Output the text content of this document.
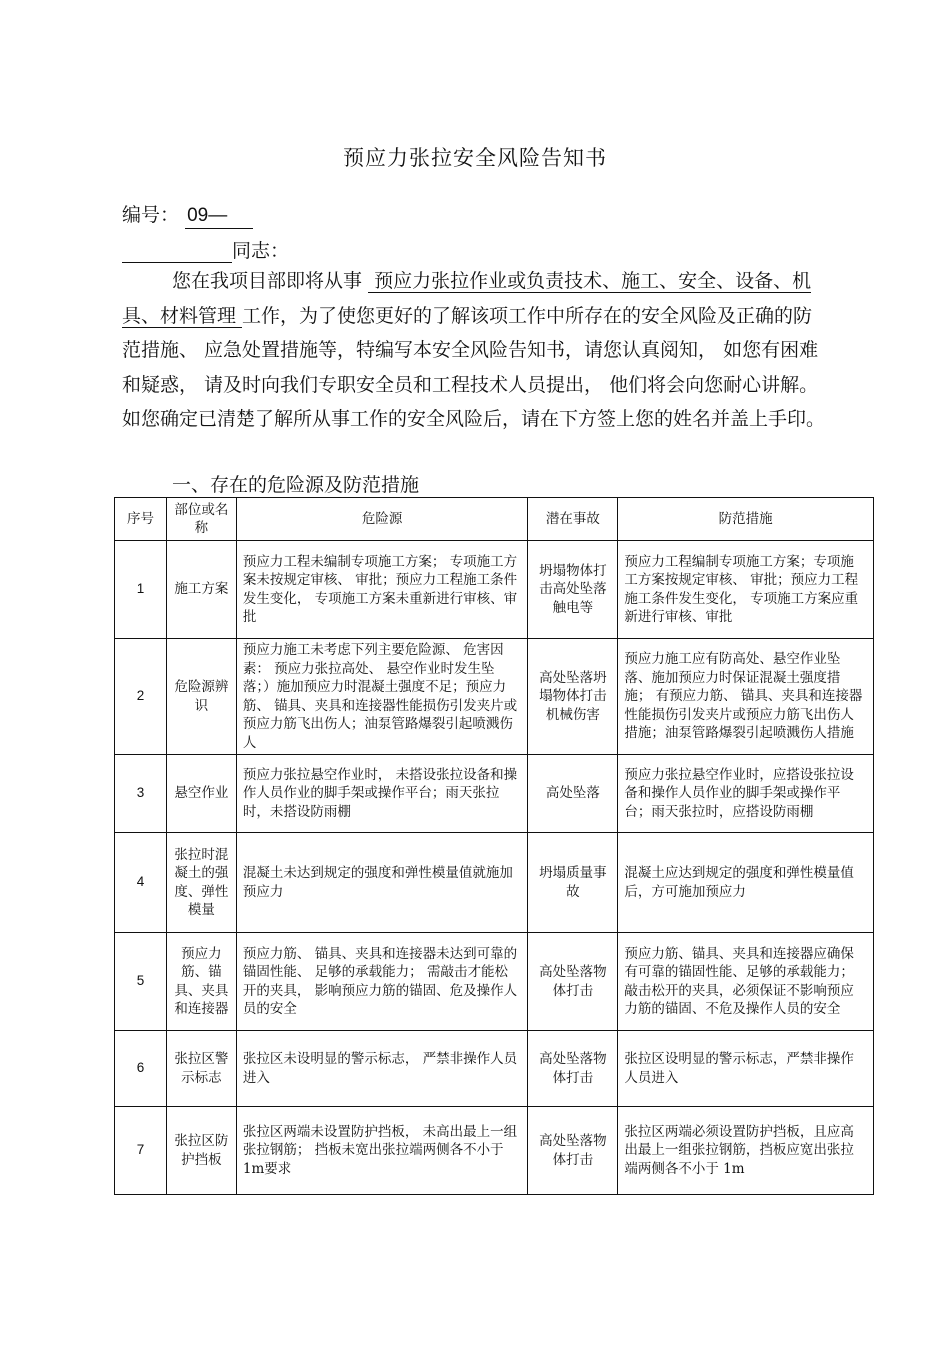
预应力张拉安全风险告知书
编号： 09—
同志：
您在我项目部即将从事 预应力张拉作业或负责技术、施工、安全、设备、机具、材料管理 工作，为了使您更好的了解该项工作中所存在的安全风险及正确的防范措施、 应急处置措施等，特编写本安全风险告知书，请您认真阅知， 如您有困难和疑惑， 请及时向我们专职安全员和工程技术人员提出， 他们将会向您耐心讲解。 如您确定已清楚了解所从事工作的安全风险后，请在下方签上您的姓名并盖上手印。
一、存在的危险源及防范措施
序号	部位或名称	危险源	潜在事故	防范措施
1	施工方案	预应力工程未编制专项施工方案； 专项施工方案未按规定审核、 审批；预应力工程施工条件发生变化， 专项施工方案未重新进行审核、审批	坍塌物体打击高处坠落触电等	预应力工程编制专项施工方案；专项施工方案按规定审核、 审批；预应力工程施工条件发生变化， 专项施工方案应重新进行审核、审批
2	危险源辨识	预应力施工未考虑下列主要危险源、 危害因素： 预应力张拉高处、 悬空作业时发生坠落；）施加预应力时混凝土强度不足；预应力筋、 锚具、夹具和连接器性能损伤引发夹片或预应力筋飞出伤人；油泵管路爆裂引起喷溅伤人	高处坠落坍塌物体打击机械伤害	预应力施工应有防高处、悬空作业坠落、施加预应力时保证混凝土强度措施； 有预应力筋、 锚具、夹具和连接器性能损伤引发夹片或预应力筋飞出伤人措施；油泵管路爆裂引起喷溅伤人措施
3	悬空作业	预应力张拉悬空作业时， 未搭设张拉设备和操作人员作业的脚手架或操作平台；雨天张拉时，未搭设防雨棚	高处坠落	预应力张拉悬空作业时，应搭设张拉设备和操作人员作业的脚手架或操作平台；雨天张拉时，应搭设防雨棚
4	张拉时混凝土的强度、弹性模量	混凝土未达到规定的强度和弹性模量值就施加预应力	坍塌质量事故	混凝土应达到规定的强度和弹性模量值后，方可施加预应力
5	预应力筋、锚具、夹具和连接器	预应力筋、 锚具、夹具和连接器未达到可靠的锚固性能、 足够的承载能力； 需敲击才能松开的夹具， 影响预应力筋的锚固、危及操作人员的安全	高处坠落物体打击	预应力筋、锚具、夹具和连接器应确保有可靠的锚固性能、足够的承载能力；敲击松开的夹具，必须保证不影响预应力筋的锚固、不危及操作人员的安全
6	张拉区警示标志	张拉区未设明显的警示标志， 严禁非操作人员进入	高处坠落物体打击	张拉区设明显的警示标志，严禁非操作人员进入
7	张拉区防护挡板	张拉区两端未设置防护挡板， 未高出最上一组张拉钢筋； 挡板未宽出张拉端两侧各不小于 1m要求	高处坠落物体打击	张拉区两端必须设置防护挡板，且应高出最上一组张拉钢筋，挡板应宽出张拉端两侧各不小于 1m
